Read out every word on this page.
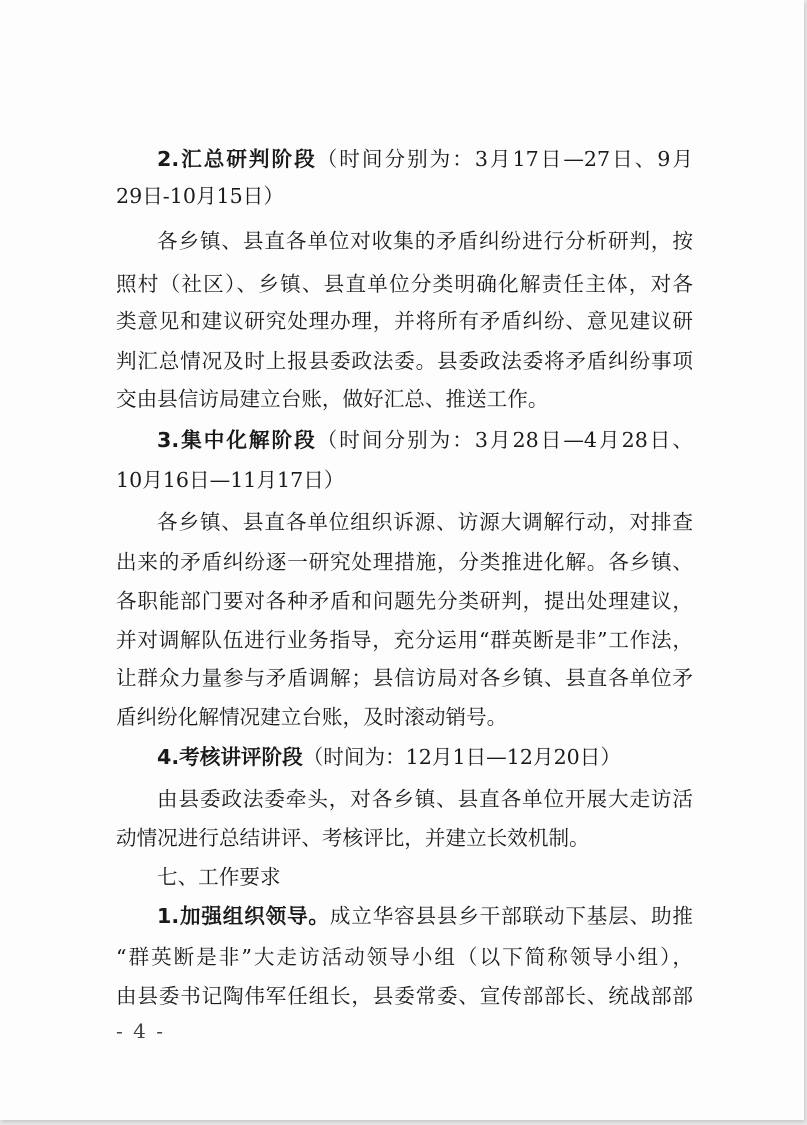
2.汇总研判阶段（时间分别为：3月17日—27日、9月
29日-10月15日）
各乡镇、县直各单位对收集的矛盾纠纷进行分析研判，按
照村（社区）、乡镇、县直单位分类明确化解责任主体，对各
类意见和建议研究处理办理，并将所有矛盾纠纷、意见建议研
判汇总情况及时上报县委政法委。县委政法委将矛盾纠纷事项
交由县信访局建立台账，做好汇总、推送工作。
3.集中化解阶段（时间分别为：3月28日—4月28日、
10月16日—11月17日）
各乡镇、县直各单位组织诉源、访源大调解行动，对排查
出来的矛盾纠纷逐一研究处理措施，分类推进化解。各乡镇、
各职能部门要对各种矛盾和问题先分类研判，提出处理建议，
并对调解队伍进行业务指导，充分运用“群英断是非”工作法，
让群众力量参与矛盾调解；县信访局对各乡镇、县直各单位矛
盾纠纷化解情况建立台账，及时滚动销号。
4.考核讲评阶段（时间为：12月1日—12月20日）
由县委政法委牵头，对各乡镇、县直各单位开展大走访活
动情况进行总结讲评、考核评比，并建立长效机制。
七、工作要求
1.加强组织领导。成立华容县县乡干部联动下基层、助推
“群英断是非”大走访活动领导小组（以下简称领导小组），
由县委书记陶伟军任组长，县委常委、宣传部部长、统战部部
- 4 -
